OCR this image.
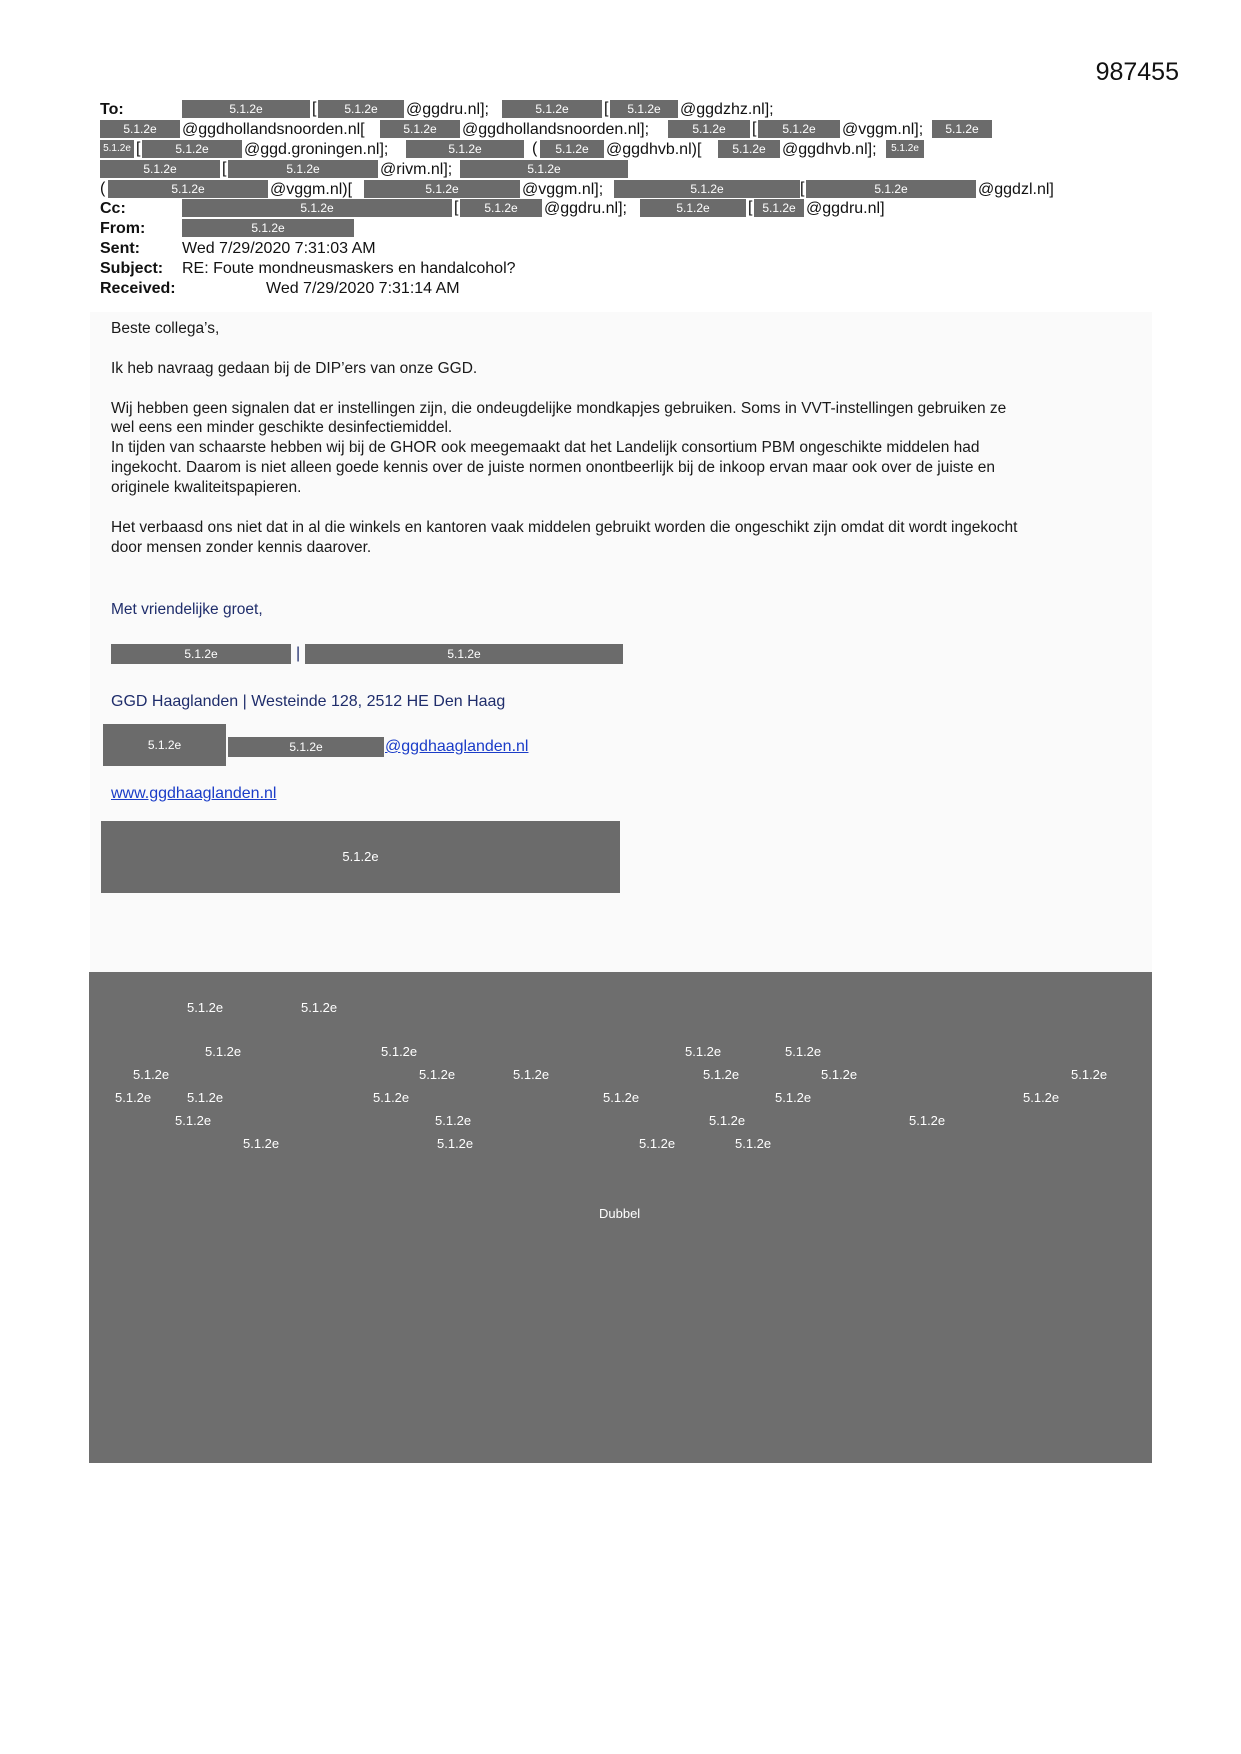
987455
To:	5.1.2e	[	5.1.2e	@ggdru.nl];	5.1.2e	[	5.1.2e	@ggdzhz.nl];
5.1.2e	@ggdhollandsnoorden.nl[	5.1.2e	@ggdhollandsnoorden.nl];	5.1.2e	[	5.1.2e	@vggm.nl];	5.1.2e
5.1.2e [	5.1.2e	@ggd.groningen.nl];	5.1.2e	(	5.1.2e	@ggdhvb.nl)[	5.1.2e	@ggdhvb.nl];	5.1.2e
5.1.2e	[	5.1.2e	@rivm.nl];	5.1.2e
(	5.1.2e	@vggm.nl)[	5.1.2e	@vggm.nl];	5.1.2e	[	5.1.2e	@ggdzl.nl]
Cc:	5.1.2e	[	5.1.2e	@ggdru.nl];	5.1.2e	[ 5.1.2e @ggdru.nl]
From:	5.1.2e
Sent:	Wed 7/29/2020 7:31:03 AM
Subject: RE: Foute mondneusmaskers en handalcohol?
Received:	Wed 7/29/2020 7:31:14 AM
Beste collega’s,
Ik heb navraag gedaan bij de DIP’ers van onze GGD.
Wij hebben geen signalen dat er instellingen zijn, die ondeugdelijke mondkapjes gebruiken. Soms in VVT-instellingen gebruiken ze
wel eens een minder geschikte desinfectiemiddel.
In tijden van schaarste hebben wij bij de GHOR ook meegemaakt dat het Landelijk consortium PBM ongeschikte middelen had
ingekocht. Daarom is niet alleen goede kennis over de juiste normen onontbeerlijk bij de inkoop ervan maar ook over de juiste en
originele kwaliteitspapieren.
Het verbaasd ons niet dat in al die winkels en kantoren vaak middelen gebruikt worden die ongeschikt zijn omdat dit wordt ingekocht
door mensen zonder kennis daarover.
Met vriendelijke groet,
5.1.2e	|	5.1.2e
GGD Haaglanden | Westeinde 128, 2512 HE Den Haag
5.1.2e	5.1.2e	@ggdhaaglanden.nl
www.ggdhaaglanden.nl
5.1.2e
5.1.2e	5.1.2e
5.1.2e	5.1.2e	5.1.2e	5.1.2e
5.1.2e	5.1.2e	5.1.2e	5.1.2e	5.1.2e	5.1.2e
5.1.2e	5.1.2e	5.1.2e	5.1.2e	5.1.2e	5.1.2e
5.1.2e	5.1.2e	5.1.2e	5.1.2e
5.1.2e	5.1.2e	5.1.2e	5.1.2e
Dubbel
